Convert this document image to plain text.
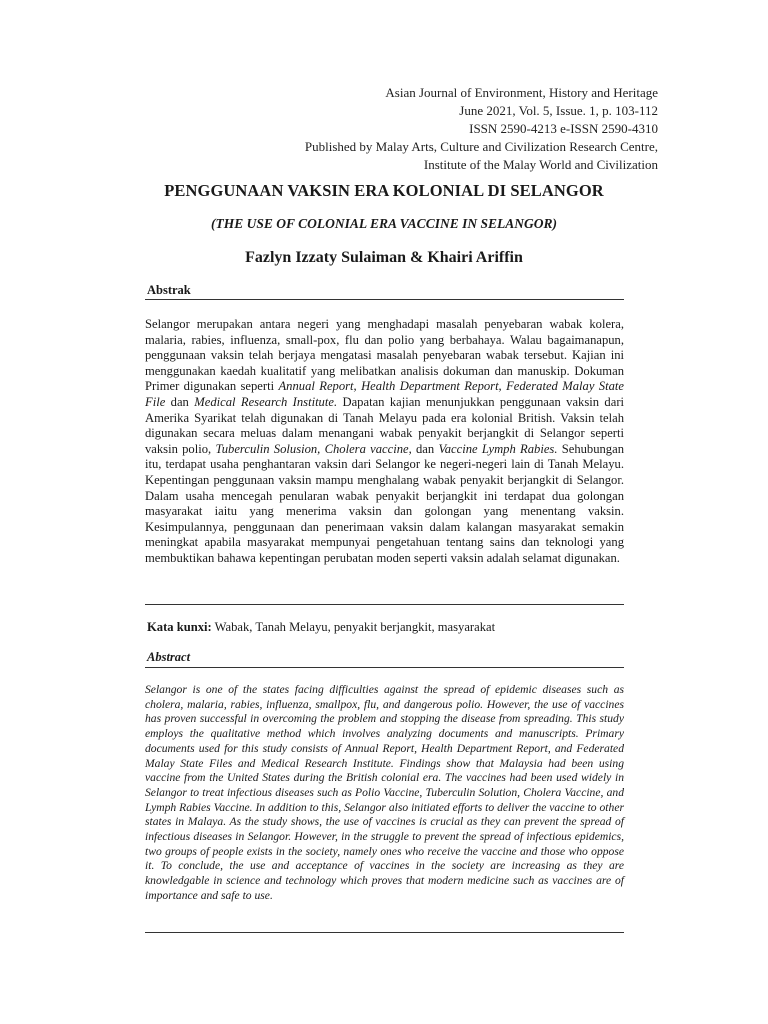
Asian Journal of Environment, History and Heritage
June 2021, Vol. 5, Issue. 1, p. 103-112
ISSN 2590-4213 e-ISSN 2590-4310
Published by Malay Arts, Culture and Civilization Research Centre,
Institute of the Malay World and Civilization
PENGGUNAAN VAKSIN ERA KOLONIAL DI SELANGOR
(THE USE OF COLONIAL ERA VACCINE IN SELANGOR)
Fazlyn Izzaty Sulaiman & Khairi Ariffin
Abstrak
Selangor merupakan antara negeri yang menghadapi masalah penyebaran wabak kolera, malaria, rabies, influenza, small-pox, flu dan polio yang berbahaya. Walau bagaimanapun, penggunaan vaksin telah berjaya mengatasi masalah penyebaran wabak tersebut. Kajian ini menggunakan kaedah kualitatif yang melibatkan analisis dokuman dan manuskip. Dokuman Primer digunakan seperti Annual Report, Health Department Report, Federated Malay State File dan Medical Research Institute. Dapatan kajian menunjukkan penggunaan vaksin dari Amerika Syarikat telah digunakan di Tanah Melayu pada era kolonial British. Vaksin telah digunakan secara meluas dalam menangani wabak penyakit berjangkit di Selangor seperti vaksin polio, Tuberculin Solusion, Cholera vaccine, dan Vaccine Lymph Rabies. Sehubungan itu, terdapat usaha penghantaran vaksin dari Selangor ke negeri-negeri lain di Tanah Melayu. Kepentingan penggunaan vaksin mampu menghalang wabak penyakit berjangkit di Selangor. Dalam usaha mencegah penularan wabak penyakit berjangkit ini terdapat dua golongan masyarakat iaitu yang menerima vaksin dan golongan yang menentang vaksin. Kesimpulannya, penggunaan dan penerimaan vaksin dalam kalangan masyarakat semakin meningkat apabila masyarakat mempunyai pengetahuan tentang sains dan teknologi yang membuktikan bahawa kepentingan perubatan moden seperti vaksin adalah selamat digunakan.
Kata kunxi: Wabak, Tanah Melayu, penyakit berjangkit, masyarakat
Abstract
Selangor is one of the states facing difficulties against the spread of epidemic diseases such as cholera, malaria, rabies, influenza, smallpox, flu, and dangerous polio. However, the use of vaccines has proven successful in overcoming the problem and stopping the disease from spreading. This study employs the qualitative method which involves analyzing documents and manuscripts. Primary documents used for this study consists of Annual Report, Health Department Report, and Federated Malay State Files and Medical Research Institute. Findings show that Malaysia had been using vaccine from the United States during the British colonial era. The vaccines had been used widely in Selangor to treat infectious diseases such as Polio Vaccine, Tuberculin Solution, Cholera Vaccine, and Lymph Rabies Vaccine. In addition to this, Selangor also initiated efforts to deliver the vaccine to other states in Malaya. As the study shows, the use of vaccines is crucial as they can prevent the spread of infectious diseases in Selangor. However, in the struggle to prevent the spread of infectious epidemics, two groups of people exists in the society, namely ones who receive the vaccine and those who oppose it. To conclude, the use and acceptance of vaccines in the society are increasing as they are knowledgable in science and technology which proves that modern medicine such as vaccines are of importance and safe to use.
